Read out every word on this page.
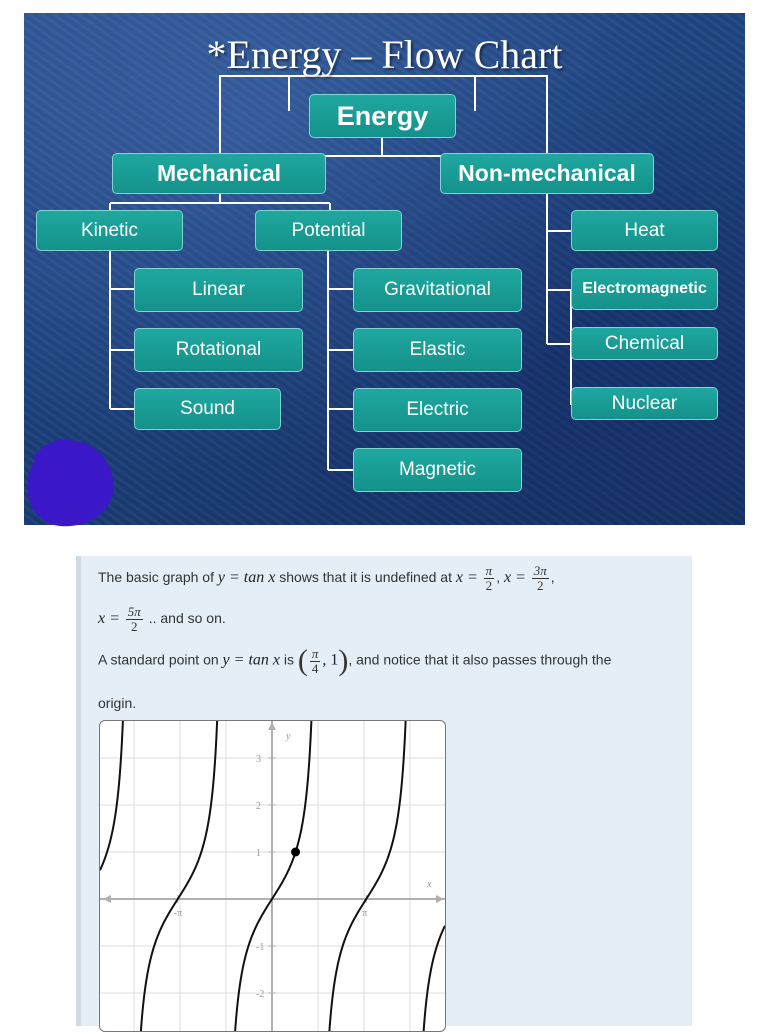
*Energy – Flow Chart
Energy
Mechanical	Non-mechanical
Kinetic	Potential	Heat
Linear
Rotational
Sound
Gravitational
Elastic
Electric
Magnetic
Electromagnetic
Chemical
Nuclear
The basic graph of y = tan x shows that it is undefined at $x = \frac{\pi}{2}$ , $x = \frac{3\pi}{2}$ ,
$x = \frac{5\pi}{2}$ .. and so on.
A standard point on y = tan x is ( $\frac{\pi}{4}$ , 1), and notice that it also passes through the
origin.
x
y
3
2
1
-1
-2
-π	π
